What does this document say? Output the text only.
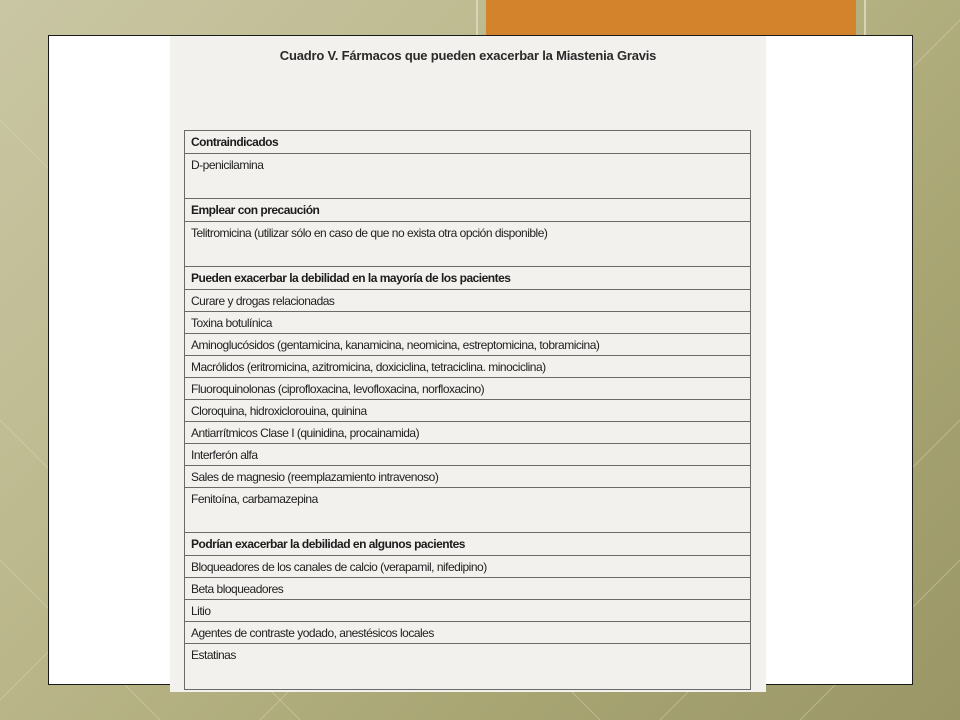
Cuadro V. Fármacos que pueden exacerbar la Miastenia Gravis
Contraindicados
D-penicilamina
Emplear con precaución
Telitromicina (utilizar sólo en caso de que no exista otra opción disponible)
Pueden exacerbar la debilidad en la mayoría de los pacientes
Curare y drogas relacionadas
Toxina botulínica
Aminoglucósidos (gentamicina, kanamicina, neomicina, estreptomicina, tobramicina)
Macrólidos (eritromicina, azitromicina, doxiciclina, tetraciclina. minociclina)
Fluoroquinolonas (ciprofloxacina, levofloxacina, norfloxacino)
Cloroquina, hidroxiclorouina, quinina
Antiarrítmicos Clase I (quinidina, procainamida)
Interferón alfa
Sales de magnesio (reemplazamiento intravenoso)
Fenitoína, carbamazepina
Podrían exacerbar la debilidad en algunos pacientes
Bloqueadores de los canales de calcio (verapamil, nifedipino)
Beta bloqueadores
Litio
Agentes de contraste yodado, anestésicos locales
Estatinas
